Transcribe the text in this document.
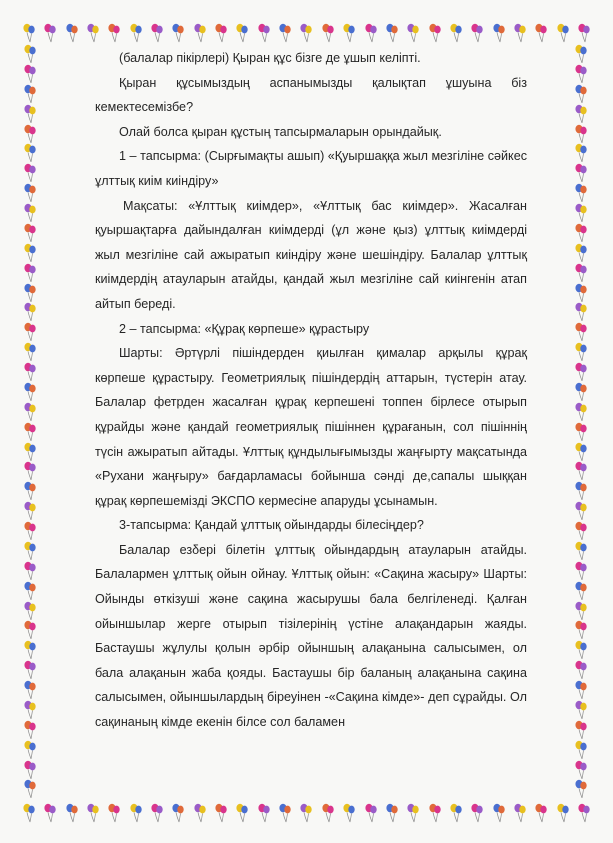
(балалар пікірлері) Қыран құс бізге де ұшып келіпті.

Қыран құсымыздың аспанымызды қалықтап ұшуына біз кемектесемізбе?

Олай болса қыран құстың тапсырмаларын орындайық.

1 – тапсырма: (Сырғымақты ашып) «Қуыршаққа жыл мезгіліне сәйкес ұлттық киім киіндіру»

Мақсаты: «Ұлттық киімдер», «Ұлттық бас киімдер». Жасалған қуыршақтарға дайындалған киімдерді (ұл және қыз) ұлттық киімдерді жыл мезгіліне сай ажыратып киіндіру және шешіндіру. Балалар ұлттық киімдердің атауларын атайды, қандай жыл мезгіліне сай киінгенін атап айтып береді.

2 – тапсырма: «Құрақ көрпеше» құрастыру

Шарты: Әртүрлі пішіндерден қиылған қималар арқылы құрақ көрпеше құрастыру. Геометриялық пішіндердің аттарын, түстерін атау. Балалар фетрден жасалған құрақ керпешені топпен бірлесе отырып құрайды және қандай геометриялық пішіннен құрағанын, сол пішіннің түсін ажыратып айтады. Ұлттық құндылығымызды жаңғырту мақсатында «Рухани жаңғыру» бағдарламасы бойынша сәнді де,сапалы шыққан құрақ көрпешемізді ЭКСПО кермесіне апаруды ұсынамын.

3-тапсырма: Қандай ұлттық ойындарды білесіңдер?

Балалар езδері білетін ұлттық ойындардың атауларын атайды. Балалармен ұлттық ойын ойнау. Ұлттық ойын: «Сақина жасыру» Шарты: Ойынды өткізуші және сақина жасырушы бала белгіленеді. Қалған ойыншылар жерге отырып тізілерінің үстіне алақандарын жаяды. Бастаушы жұлулы қолын әрбір ойыншың алақанына салысымен, ол бала алақанын жаба қояды. Бастаушы бір баланың алақанына сақина салысымен, ойыншылардың біреуінен -«Сақина кімде»- деп сұрайды. Ол сақинаның кімде екенін білсе сол баламен
